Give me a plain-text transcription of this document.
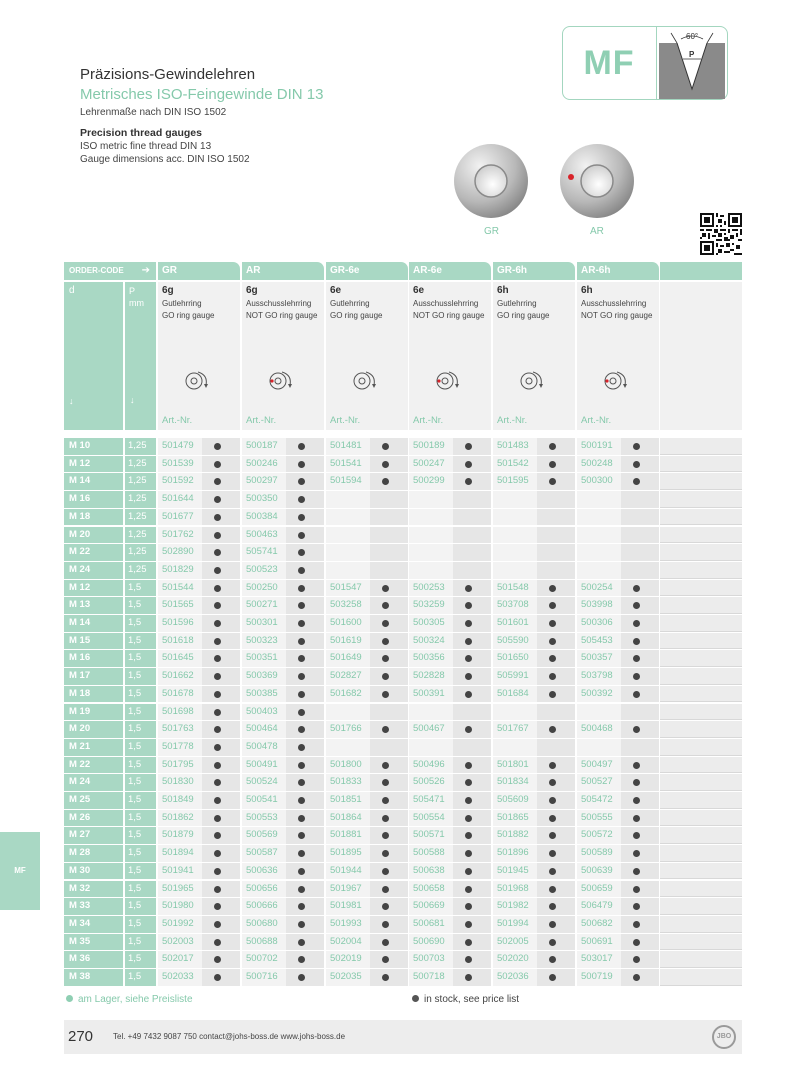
Präzisions-Gewindelehren
Metrisches ISO-Feingewinde DIN 13
Lehrenmaße nach DIN ISO 1502
Precision thread gauges
ISO metric fine thread DIN 13
Gauge dimensions acc. DIN ISO 1502
MF
60°
P
GR	AR
ORDER-CODE ➔	GR	AR	GR-6e	AR-6e	GR-6h	AR-6h
d
↓
P
mm
↓
6g
Gutlehrring
GO ring gauge
Art.-Nr.
6g
Ausschusslehrring
NOT GO ring gauge
Art.-Nr.
6e
Gutlehrring
GO ring gauge
Art.-Nr.
6e
Ausschusslehrring
NOT GO ring gauge
Art.-Nr.
6h
Gutlehrring
GO ring gauge
Art.-Nr.
6h
Ausschusslehrring
NOT GO ring gauge
Art.-Nr.
M 10	1,25	501479	500187	501481	500189	501483	500191
M 12	1,25	501539	500246	501541	500247	501542	500248
M 14	1,25	501592	500297	501594	500299	501595	500300
M 16	1,25	501644	500350
M 18	1,25	501677	500384
M 20	1,25	501762	500463
M 22	1,25	502890	505741
M 24	1,25	501829	500523
M 12	1,5	501544	500250	501547	500253	501548	500254
M 13	1,5	501565	500271	503258	503259	503708	503998
M 14	1,5	501596	500301	501600	500305	501601	500306
M 15	1,5	501618	500323	501619	500324	505590	505453
M 16	1,5	501645	500351	501649	500356	501650	500357
M 17	1,5	501662	500369	502827	502828	505991	503798
M 18	1,5	501678	500385	501682	500391	501684	500392
M 19	1,5	501698	500403
M 20	1,5	501763	500464	501766	500467	501767	500468
M 21	1,5	501778	500478
M 22	1,5	501795	500491	501800	500496	501801	500497
M 24	1,5	501830	500524	501833	500526	501834	500527
M 25	1,5	501849	500541	501851	505471	505609	505472
M 26	1,5	501862	500553	501864	500554	501865	500555
M 27	1,5	501879	500569	501881	500571	501882	500572
M 28	1,5	501894	500587	501895	500588	501896	500589
M 30	1,5	501941	500636	501944	500638	501945	500639
M 32	1,5	501965	500656	501967	500658	501968	500659
M 33	1,5	501980	500666	501981	500669	501982	506479
M 34	1,5	501992	500680	501993	500681	501994	500682
M 35	1,5	502003	500688	502004	500690	502005	500691
M 36	1,5	502017	500702	502019	500703	502020	503017
M 38	1,5	502033	500716	502035	500718	502036	500719
am Lager, siehe Preisliste	in stock, see price list
270 Tel. +49 7432 9087 750 contact@johs-boss.de www.johs-boss.de	JBO
MF
